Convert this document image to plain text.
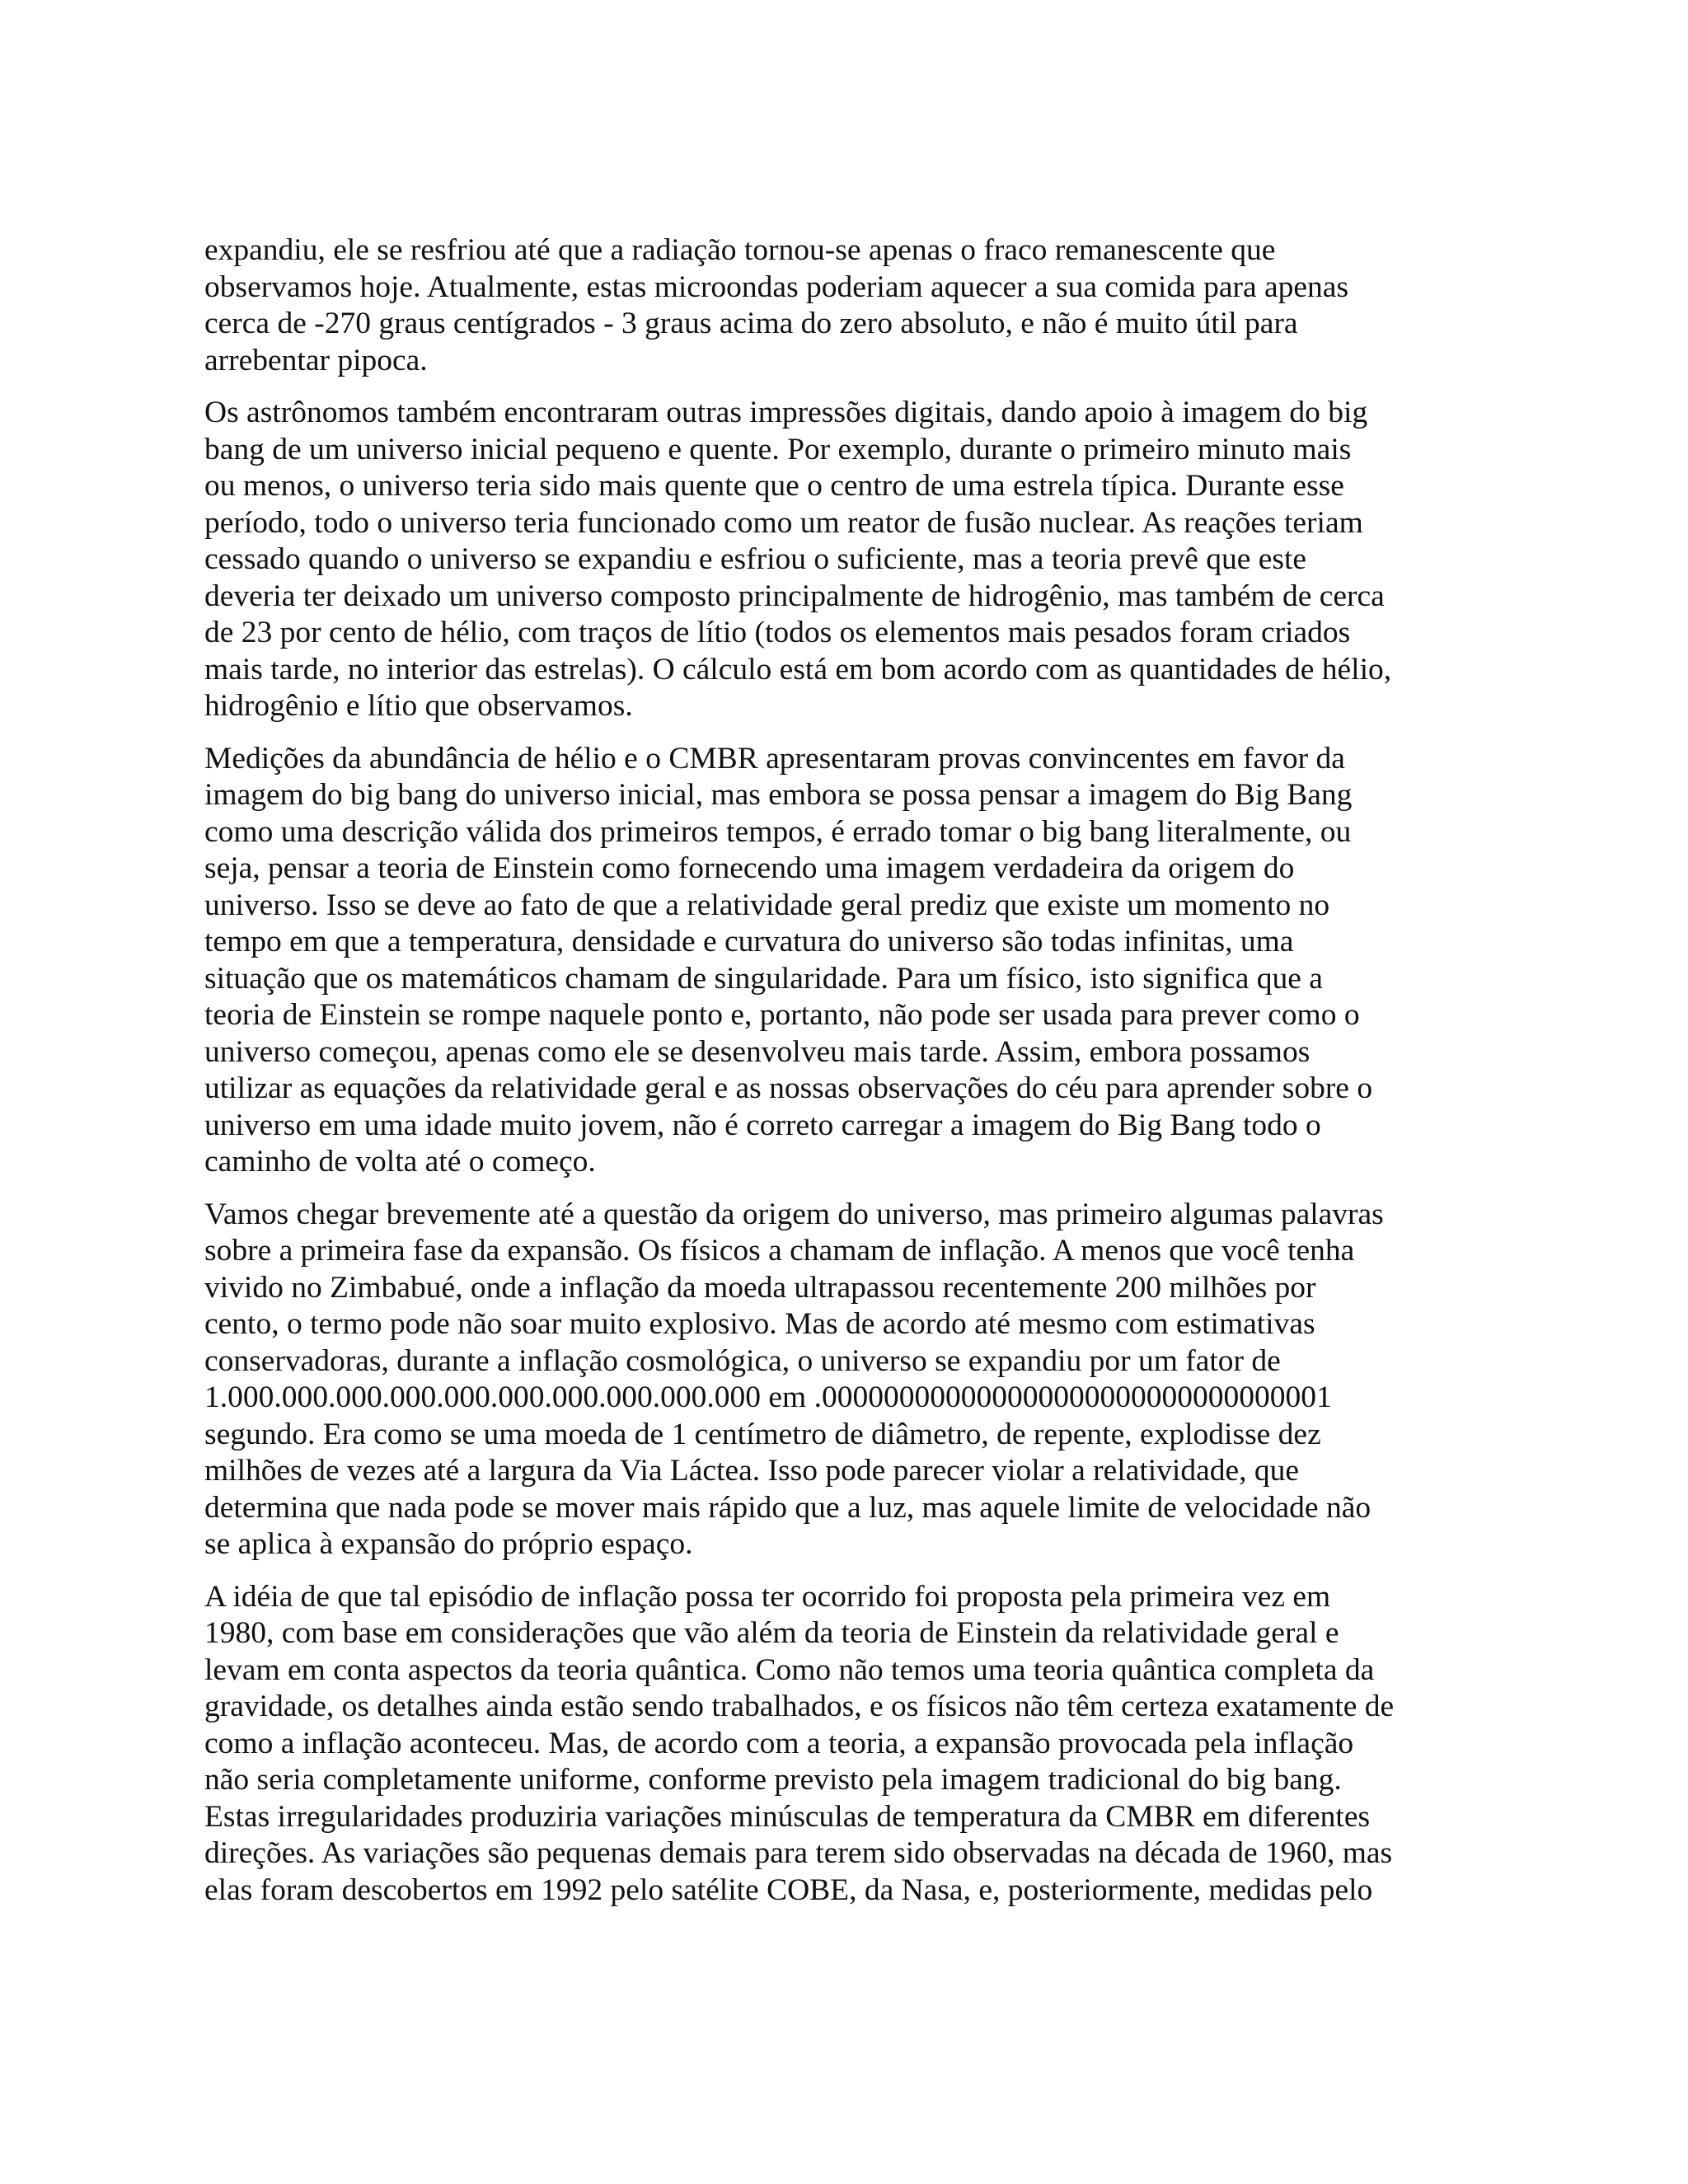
expandiu, ele se resfriou até que a radiação tornou-se apenas o fraco remanescente que
observamos hoje. Atualmente, estas microondas poderiam aquecer a sua comida para apenas
cerca de -270 graus centígrados - 3 graus acima do zero absoluto, e não é muito útil para
arrebentar pipoca.

Os astrônomos também encontraram outras impressões digitais, dando apoio à imagem do big
bang de um universo inicial pequeno e quente. Por exemplo, durante o primeiro minuto mais
ou menos, o universo teria sido mais quente que o centro de uma estrela típica. Durante esse
período, todo o universo teria funcionado como um reator de fusão nuclear. As reações teriam
cessado quando o universo se expandiu e esfriou o suficiente, mas a teoria prevê que este
deveria ter deixado um universo composto principalmente de hidrogênio, mas também de cerca
de 23 por cento de hélio, com traços de lítio (todos os elementos mais pesados foram criados
mais tarde, no interior das estrelas). O cálculo está em bom acordo com as quantidades de hélio,
hidrogênio e lítio que observamos.

Medições da abundância de hélio e o CMBR apresentaram provas convincentes em favor da
imagem do big bang do universo inicial, mas embora se possa pensar a imagem do Big Bang
como uma descrição válida dos primeiros tempos, é errado tomar o big bang literalmente, ou
seja, pensar a teoria de Einstein como fornecendo uma imagem verdadeira da origem do
universo. Isso se deve ao fato de que a relatividade geral prediz que existe um momento no
tempo em que a temperatura, densidade e curvatura do universo são todas infinitas, uma
situação que os matemáticos chamam de singularidade. Para um físico, isto significa que a
teoria de Einstein se rompe naquele ponto e, portanto, não pode ser usada para prever como o
universo começou, apenas como ele se desenvolveu mais tarde. Assim, embora possamos
utilizar as equações da relatividade geral e as nossas observações do céu para aprender sobre o
universo em uma idade muito jovem, não é correto carregar a imagem do Big Bang todo o
caminho de volta até o começo.

Vamos chegar brevemente até a questão da origem do universo, mas primeiro algumas palavras
sobre a primeira fase da expansão. Os físicos a chamam de inflação. A menos que você tenha
vivido no Zimbabué, onde a inflação da moeda ultrapassou recentemente 200 milhões por
cento, o termo pode não soar muito explosivo. Mas de acordo até mesmo com estimativas
conservadoras, durante a inflação cosmológica, o universo se expandiu por um fator de
1.000.000.000.000.000.000.000.000.000.000 em .000000000000000000000000000000001
segundo. Era como se uma moeda de 1 centímetro de diâmetro, de repente, explodisse dez
milhões de vezes até a largura da Via Láctea. Isso pode parecer violar a relatividade, que
determina que nada pode se mover mais rápido que a luz, mas aquele limite de velocidade não
se aplica à expansão do próprio espaço.

A idéia de que tal episódio de inflação possa ter ocorrido foi proposta pela primeira vez em
1980, com base em considerações que vão além da teoria de Einstein da relatividade geral e
levam em conta aspectos da teoria quântica. Como não temos uma teoria quântica completa da
gravidade, os detalhes ainda estão sendo trabalhados, e os físicos não têm certeza exatamente de
como a inflação aconteceu. Mas, de acordo com a teoria, a expansão provocada pela inflação
não seria completamente uniforme, conforme previsto pela imagem tradicional do big bang.
Estas irregularidades produziria variações minúsculas de temperatura da CMBR em diferentes
direções. As variações são pequenas demais para terem sido observadas na década de 1960, mas
elas foram descobertos em 1992 pelo satélite COBE, da Nasa, e, posteriormente, medidas pelo
